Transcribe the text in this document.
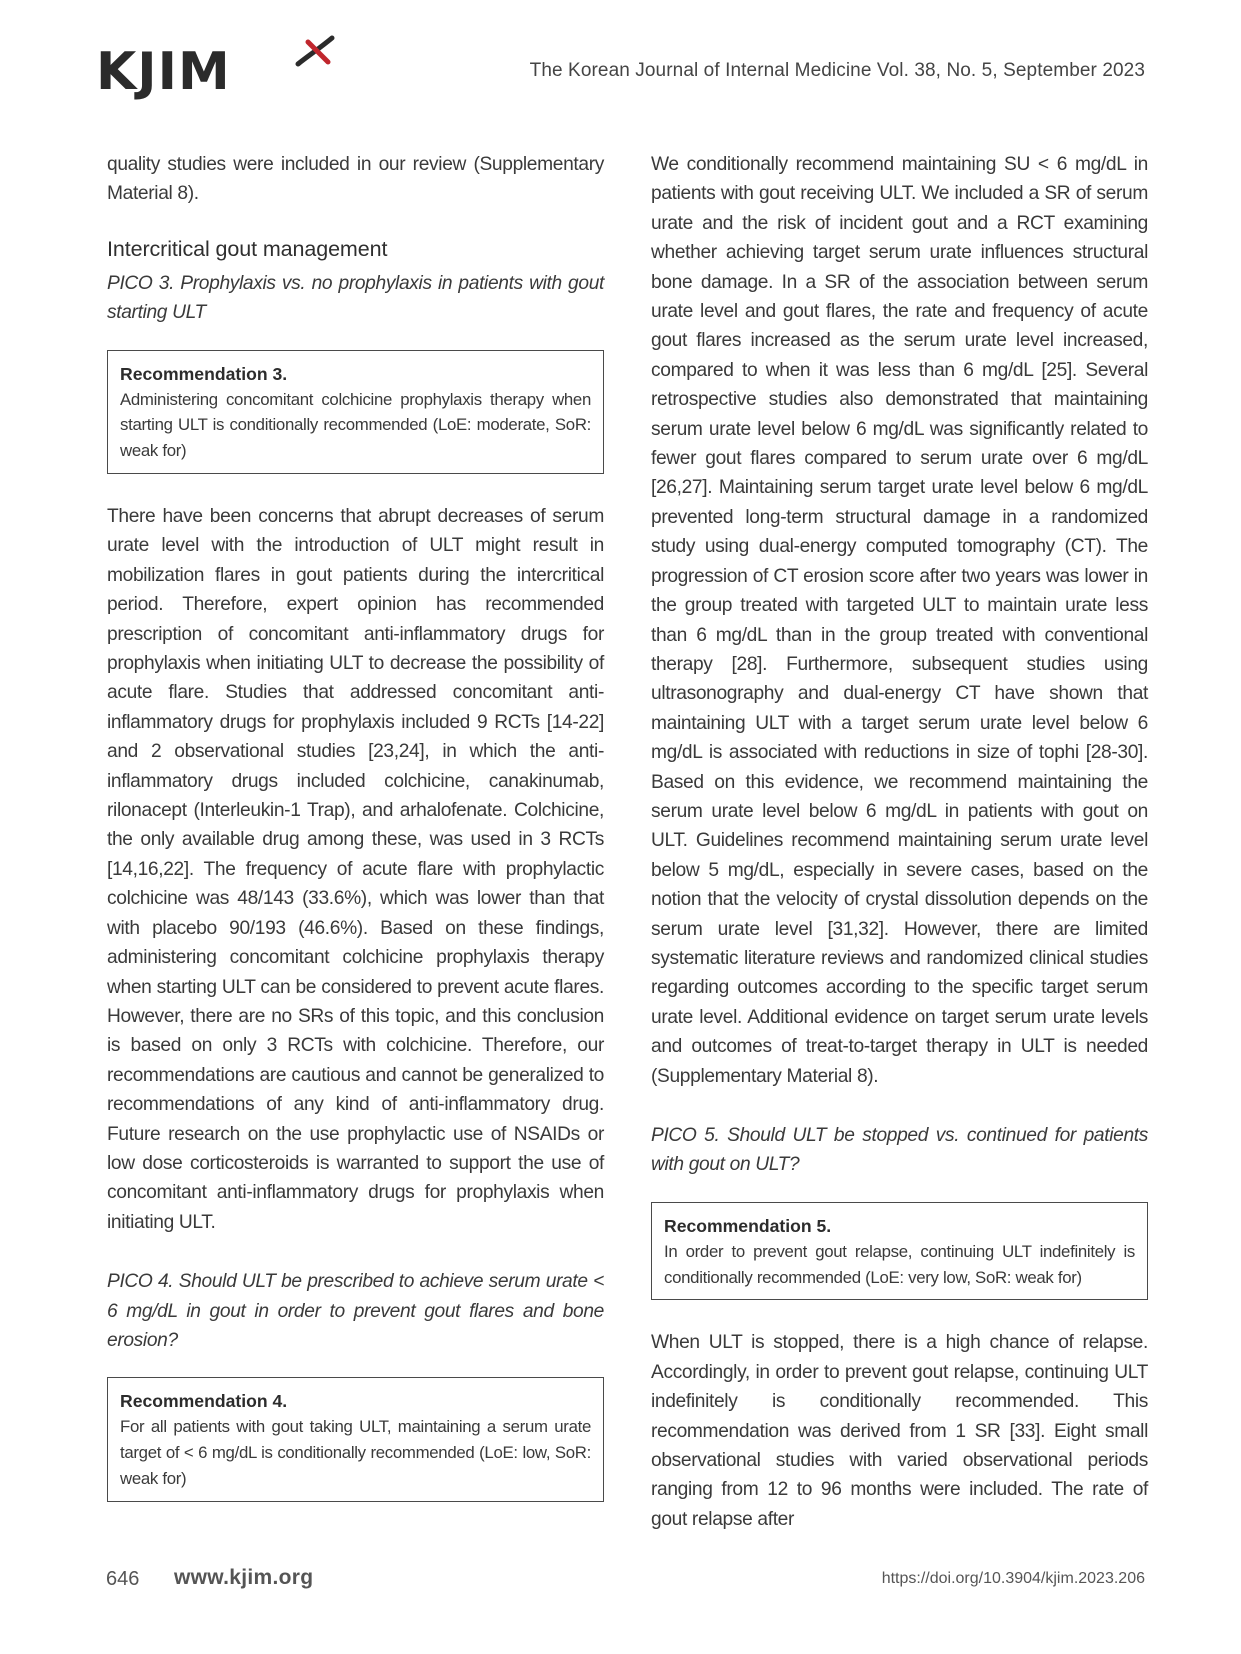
KJIM	The Korean Journal of Internal Medicine Vol. 38, No. 5, September 2023

quality studies were included in our review (Supplementary Material 8).

Intercritical gout management

PICO 3. Prophylaxis vs. no prophylaxis in patients with gout starting ULT

Recommendation 3.
Administering concomitant colchicine prophylaxis therapy when starting ULT is conditionally recommended (LoE: moderate, SoR: weak for)

There have been concerns that abrupt decreases of serum urate level with the introduction of ULT might result in mobilization flares in gout patients during the intercritical period. Therefore, expert opinion has recommended prescription of concomitant anti-inflammatory drugs for prophylaxis when initiating ULT to decrease the possibility of acute flare. Studies that addressed concomitant anti-inflammatory drugs for prophylaxis included 9 RCTs [14-22] and 2 observational studies [23,24], in which the anti-inflammatory drugs included colchicine, canakinumab, rilonacept (Interleukin-1 Trap), and arhalofenate. Colchicine, the only available drug among these, was used in 3 RCTs [14,16,22]. The frequency of acute flare with prophylactic colchicine was 48/143 (33.6%), which was lower than that with placebo 90/193 (46.6%). Based on these findings, administering concomitant colchicine prophylaxis therapy when starting ULT can be considered to prevent acute flares. However, there are no SRs of this topic, and this conclusion is based on only 3 RCTs with colchicine. Therefore, our recommendations are cautious and cannot be generalized to recommendations of any kind of anti-inflammatory drug. Future research on the use prophylactic use of NSAIDs or low dose corticosteroids is warranted to support the use of concomitant anti-inflammatory drugs for prophylaxis when initiating ULT.

PICO 4. Should ULT be prescribed to achieve serum urate < 6 mg/dL in gout in order to prevent gout flares and bone erosion?

Recommendation 4.
For all patients with gout taking ULT, maintaining a serum urate target of < 6 mg/dL is conditionally recommended (LoE: low, SoR: weak for)

We conditionally recommend maintaining SU < 6 mg/dL in patients with gout receiving ULT. We included a SR of serum urate and the risk of incident gout and a RCT examining whether achieving target serum urate influences structural bone damage. In a SR of the association between serum urate level and gout flares, the rate and frequency of acute gout flares increased as the serum urate level increased, compared to when it was less than 6 mg/dL [25]. Several retrospective studies also demonstrated that maintaining serum urate level below 6 mg/dL was significantly related to fewer gout flares compared to serum urate over 6 mg/dL [26,27]. Maintaining serum target urate level below 6 mg/dL prevented long-term structural damage in a randomized study using dual-energy computed tomography (CT). The progression of CT erosion score after two years was lower in the group treated with targeted ULT to maintain urate less than 6 mg/dL than in the group treated with conventional therapy [28]. Furthermore, subsequent studies using ultrasonography and dual-energy CT have shown that maintaining ULT with a target serum urate level below 6 mg/dL is associated with reductions in size of tophi [28-30]. Based on this evidence, we recommend maintaining the serum urate level below 6 mg/dL in patients with gout on ULT. Guidelines recommend maintaining serum urate level below 5 mg/dL, especially in severe cases, based on the notion that the velocity of crystal dissolution depends on the serum urate level [31,32]. However, there are limited systematic literature reviews and randomized clinical studies regarding outcomes according to the specific target serum urate level. Additional evidence on target serum urate levels and outcomes of treat-to-target therapy in ULT is needed (Supplementary Material 8).

PICO 5. Should ULT be stopped vs. continued for patients with gout on ULT?

Recommendation 5.
In order to prevent gout relapse, continuing ULT indefinitely is conditionally recommended (LoE: very low, SoR: weak for)

When ULT is stopped, there is a high chance of relapse. Accordingly, in order to prevent gout relapse, continuing ULT indefinitely is conditionally recommended. This recommendation was derived from 1 SR [33]. Eight small observational studies with varied observational periods ranging from 12 to 96 months were included. The rate of gout relapse after

646 www.kjim.org	https://doi.org/10.3904/kjim.2023.206
